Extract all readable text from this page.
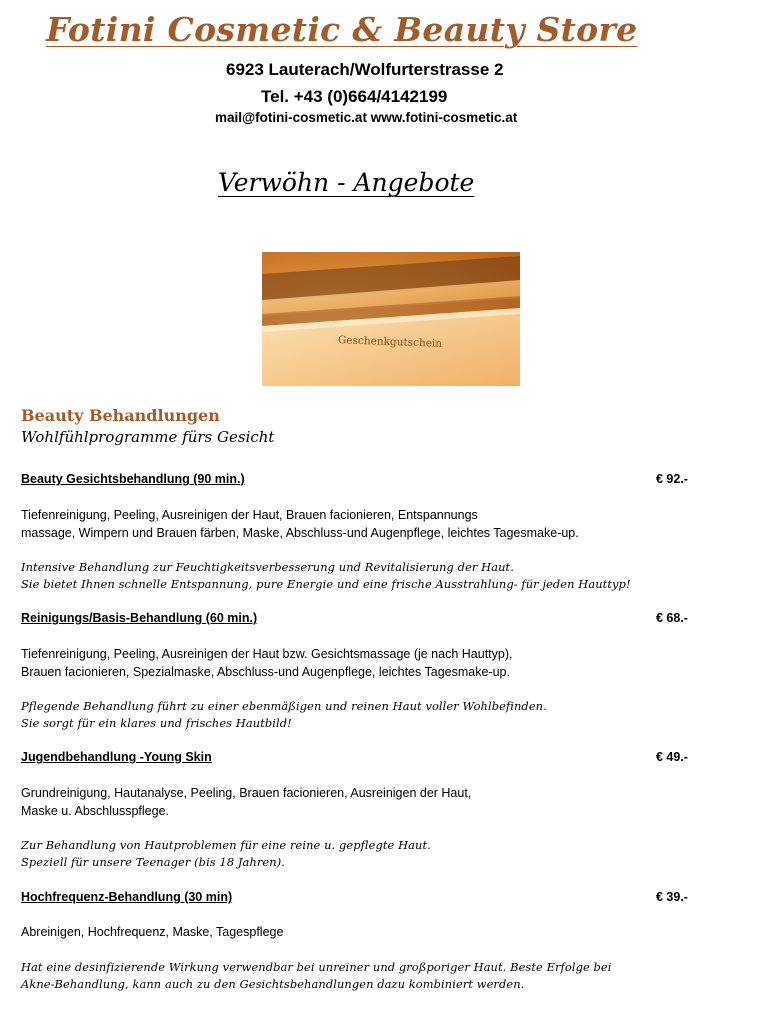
Fotini Cosmetic & Beauty Store
6923 Lauterach/Wolfurterstrasse 2
Tel. +43 (0)664/4142199
mail@fotini-cosmetic.at www.fotini-cosmetic.at
Verwöhn - Angebote
Geschenkgutschein
Beauty Behandlungen
Wohlfühlprogramme fürs Gesicht
Beauty Gesichtsbehandlung (90 min.)	€ 92.-
Tiefenreinigung, Peeling, Ausreinigen der Haut, Brauen facionieren, Entspannungs
massage, Wimpern und Brauen färben, Maske, Abschluss-und Augenpflege, leichtes Tagesmake-up.
Intensive Behandlung zur Feuchtigkeitsverbesserung und Revitalisierung der Haut.
Sie bietet Ihnen schnelle Entspannung, pure Energie und eine frische Ausstrahlung- für jeden Hauttyp!
Reinigungs/Basis-Behandlung (60 min.)	€ 68.-
Tiefenreinigung, Peeling, Ausreinigen der Haut bzw. Gesichtsmassage (je nach Hauttyp),
Brauen facionieren, Spezialmaske, Abschluss-und Augenpflege, leichtes Tagesmake-up.
Pflegende Behandlung führt zu einer ebenmäßigen und reinen Haut voller Wohlbefinden.
Sie sorgt für ein klares und frisches Hautbild!
Jugendbehandlung -Young Skin	€ 49.-
Grundreinigung, Hautanalyse, Peeling, Brauen facionieren, Ausreinigen der Haut,
Maske u. Abschlusspflege.
Zur Behandlung von Hautproblemen für eine reine u. gepflegte Haut.
Speziell für unsere Teenager (bis 18 Jahren).
Hochfrequenz-Behandlung (30 min)	€ 39.-
Abreinigen, Hochfrequenz, Maske, Tagespflege
Hat eine desinfizierende Wirkung verwendbar bei unreiner und großporiger Haut. Beste Erfolge bei
Akne-Behandlung, kann auch zu den Gesichtsbehandlungen dazu kombiniert werden.
